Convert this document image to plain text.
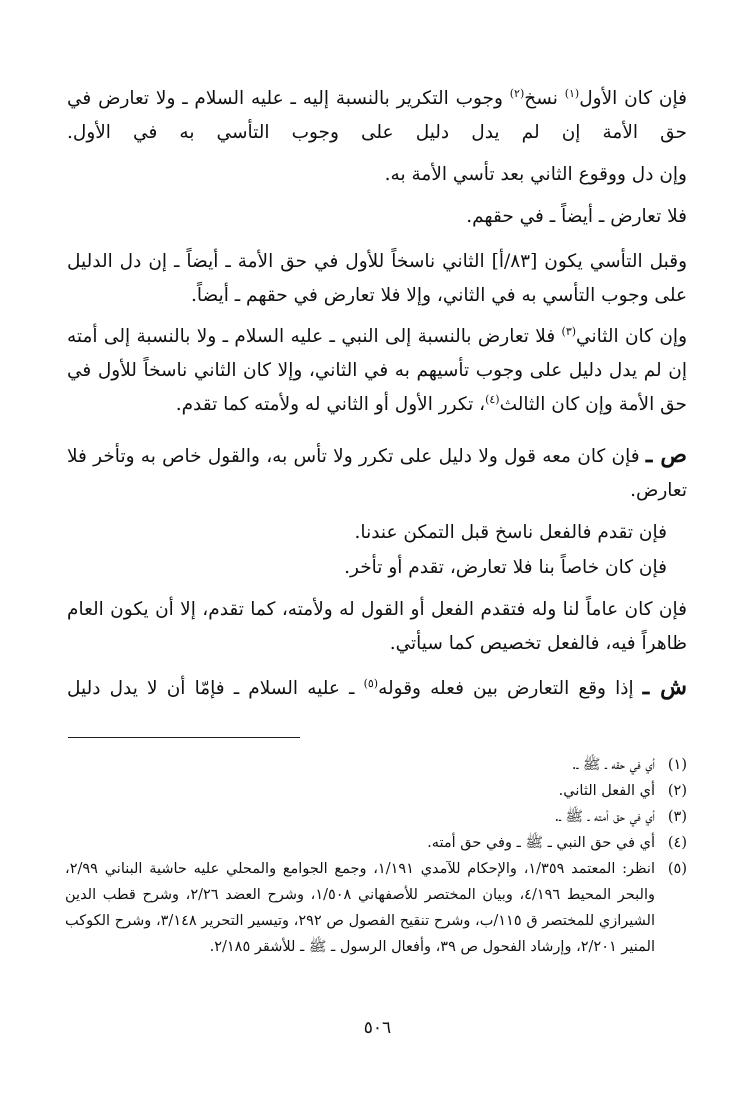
فإن كان الأول$^{(١)}$ نسخ$^{(٢)}$ وجوب التكرير بالنسبة إليه ـ عليه السلام ـ ولا تعارض في حق الأمة إن لم يدل دليل على وجوب التأسي به في الأول.
وإن دل ووقوع الثاني بعد تأسي الأمة به.
فلا تعارض ـ أيضاً ـ في حقهم.
وقبل التأسي يكون [٨٣/أ] الثاني ناسخاً للأول في حق الأمة ـ أيضاً ـ إن دل الدليل على وجوب التأسي به في الثاني، وإلا فلا تعارض في حقهم ـ أيضاً.
وإن كان الثاني$^{(٣)}$ فلا تعارض بالنسبة إلى النبي ـ عليه السلام ـ ولا بالنسبة إلى أمته إن لم يدل دليل على وجوب تأسيهم به في الثاني، وإلا كان الثاني ناسخاً للأول في حق الأمة وإن كان الثالث$^{(٤)}$، تكرر الأول أو الثاني له ولأمته كما تقدم.
ص ـ فإن كان معه قول ولا دليل على تكرر ولا تأس به، والقول خاص به وتأخر فلا تعارض.
فإن تقدم فالفعل ناسخ قبل التمكن عندنا.
فإن كان خاصاً بنا فلا تعارض، تقدم أو تأخر.
فإن كان عاماً لنا وله فتقدم الفعل أو القول له ولأمته، كما تقدم، إلا أن يكون العام ظاهراً فيه، فالفعل تخصيص كما سيأتي.
ش ـ إذا وقع التعارض بين فعله وقوله$^{(٥)}$ ـ عليه السلام ـ فإمّا أن لا يدل دليل
(١)
أي في حقه ـ ﷺ ـ.
(٢)
أي الفعل الثاني.
(٣)
أي في حق أمته ـ ﷺ ـ.
(٤)
أي في حق النبي ـ ﷺ ـ وفي حق أمته.
(٥)
انظر: المعتمد ١/٣٥٩، والإحكام للآمدي ١/١٩١، وجمع الجوامع والمحلي عليه حاشية البناني ٢/٩٩، والبحر المحيط ٤/١٩٦، وبيان المختصر للأصفهاني ١/٥٠٨، وشرح العضد ٢/٢٦، وشرح قطب الدين الشيرازي للمختصر ق ١١٥/ب، وشرح تنقيح الفصول ص ٢٩٢، وتيسير التحرير ٣/١٤٨، وشرح الكوكب المنير ٢/٢٠١، وإرشاد الفحول ص ٣٩، وأفعال الرسول ـ ﷺ ـ للأشقر ٢/١٨٥.
٥٠٦
